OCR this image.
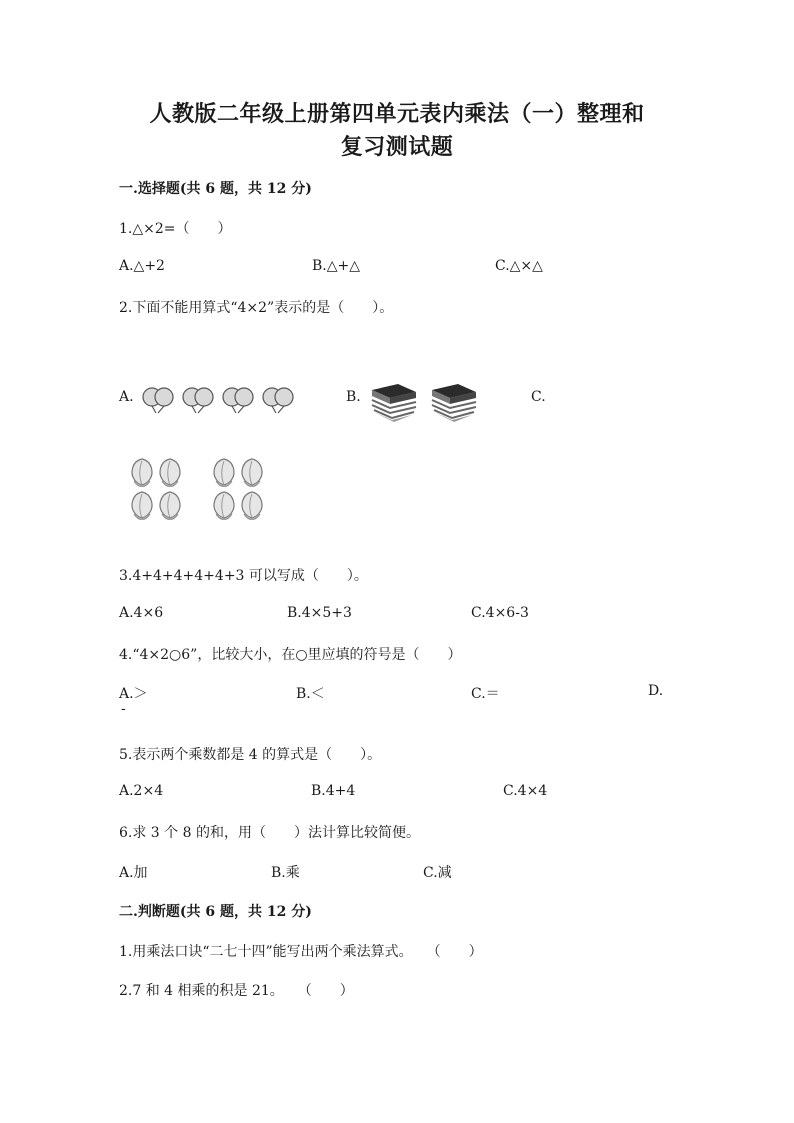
人教版二年级上册第四单元表内乘法（一）整理和
复习测试题
一.选择题(共 6 题，共 12 分)
1.△×2=（　　）
A.△+2	B.△+△	C.△×△
2.下面不能用算式“4×2”表示的是（　　）。
A.	B.	C.
3.4+4+4+4+4+3 可以写成（　　）。
A.4×6	B.4×5+3	C.4×6-3
4.“4×2○6”，比较大小，在○里应填的符号是（　　）
A.＞	B.＜	C.＝	D.
-
5.表示两个乘数都是 4 的算式是（　　）。
A.2×4	B.4+4	C.4×4
6.求 3 个 8 的和，用（　　）法计算比较简便。
A.加	B.乘	C.减
二.判断题(共 6 题，共 12 分)
1.用乘法口诀“二七十四”能写出两个乘法算式。　　（　　）
2.7 和 4 相乘的积是 21。　　（　　）
